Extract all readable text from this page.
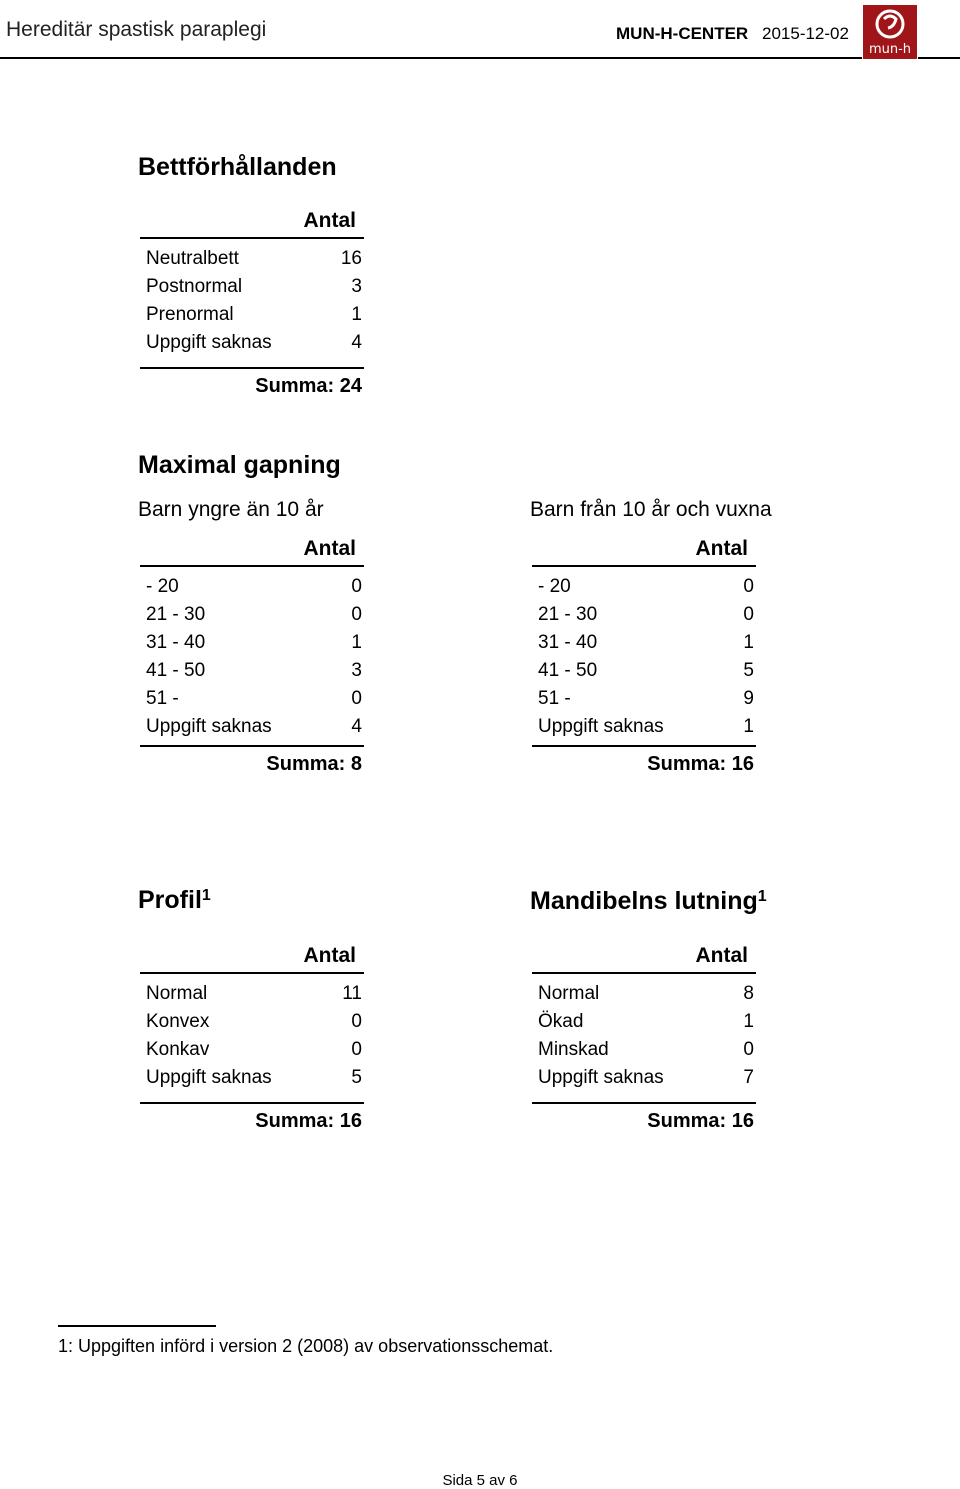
Hereditär spastisk paraplegi	MUN-H-CENTER 2015-12-02
mun-h
Bettförhållanden
Antal
Neutralbett	16
Postnormal	3
Prenormal	1
Uppgift saknas	4
Summa: 24
Maximal gapning
Barn yngre än 10 år	Barn från 10 år och vuxna
Antal
- 20	0
21 - 30	0
31 - 40	1
41 - 50	3
51 -	0
Uppgift saknas	4
Summa: 8
Antal
- 20	0
21 - 30	0
31 - 40	1
41 - 50	5
51 -	9
Uppgift saknas	1
Summa: 16
Profil$^1$
Antal
Normal	11
Konvex	0
Konkav	0
Uppgift saknas	5
Summa: 16
Mandibelns lutning$^1$
Antal
Normal	8
Ökad	1
Minskad	0
Uppgift saknas	7
Summa: 16
1: Uppgiften införd i version 2 (2008) av observationsschemat.
Sida 5 av 6
